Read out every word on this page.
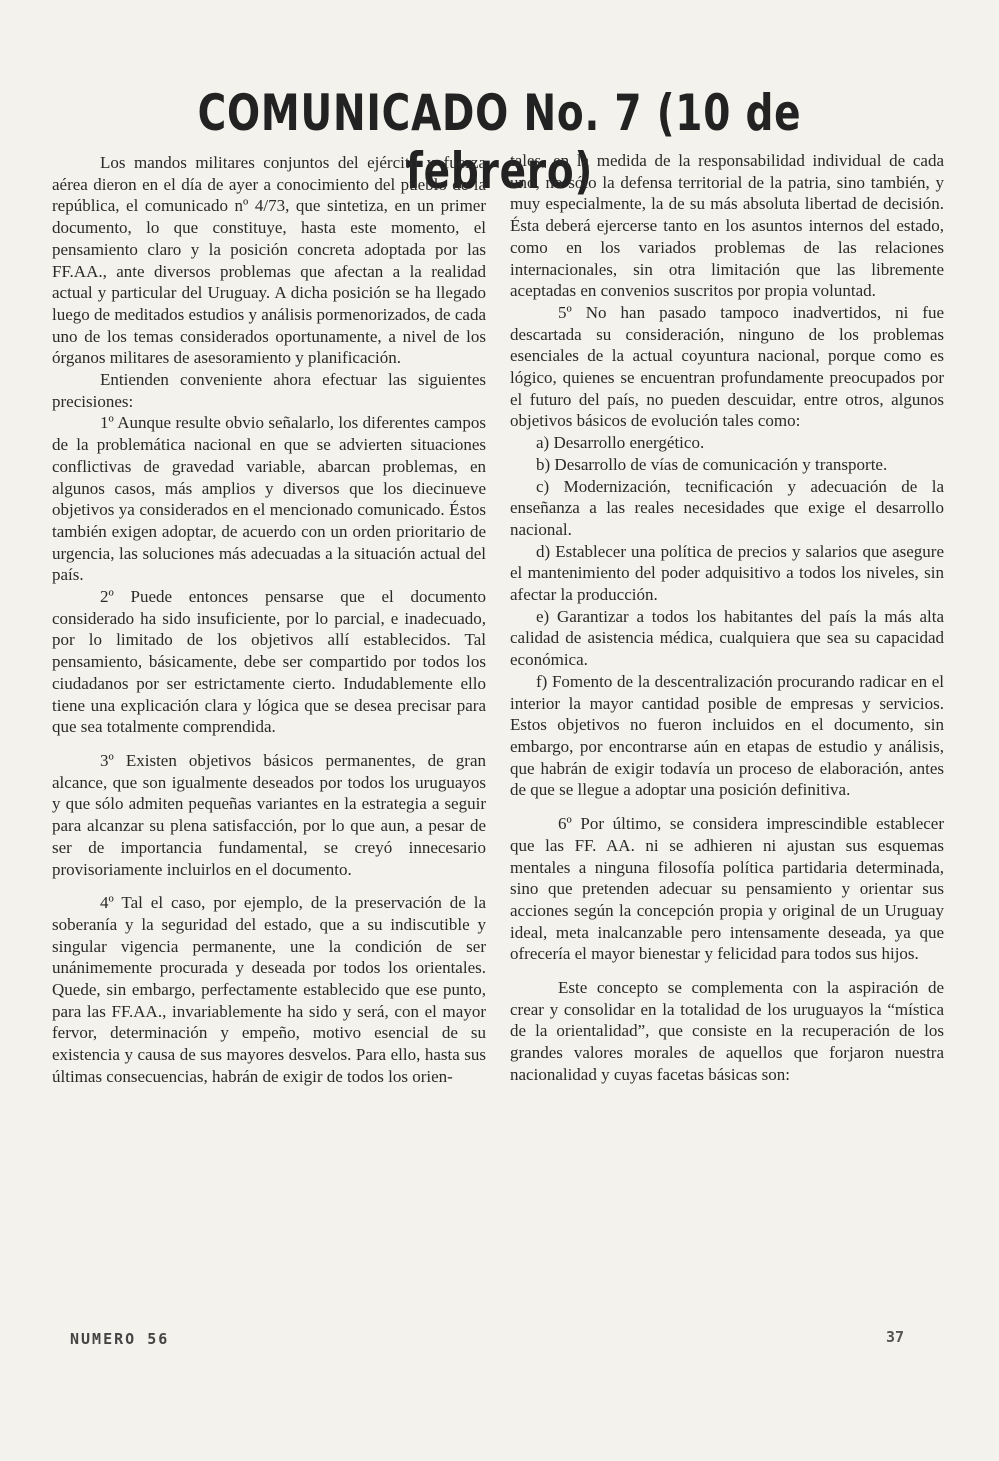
COMUNICADO No. 7 (10 de febrero)

Los mandos militares conjuntos del ejército y fuerza aérea dieron en el día de ayer a conocimiento del pueblo de la república, el comunicado nº 4/73, que sintetiza, en un primer documento, lo que constituye, hasta este momento, el pensamiento claro y la posición concreta adoptada por las FF.AA., ante diversos problemas que afectan a la realidad actual y particular del Uruguay. A dicha posición se ha llegado luego de meditados estudios y análisis pormenorizados, de cada uno de los temas considerados oportunamente, a nivel de los órganos militares de asesoramiento y planificación.

Entienden conveniente ahora efectuar las siguientes precisiones:

1º Aunque resulte obvio señalarlo, los diferentes campos de la problemática nacional en que se advierten situaciones conflictivas de gravedad variable, abarcan problemas, en algunos casos, más amplios y diversos que los diecinueve objetivos ya considerados en el mencionado comunicado. Éstos también exigen adoptar, de acuerdo con un orden prioritario de urgencia, las soluciones más adecuadas a la situación actual del país.

2º Puede entonces pensarse que el documento considerado ha sido insuficiente, por lo parcial, e inadecuado, por lo limitado de los objetivos allí establecidos. Tal pensamiento, básicamente, debe ser compartido por todos los ciudadanos por ser estrictamente cierto. Indudablemente ello tiene una explicación clara y lógica que se desea precisar para que sea totalmente comprendida.

3º Existen objetivos básicos permanentes, de gran alcance, que son igualmente deseados por todos los uruguayos y que sólo admiten pequeñas variantes en la estrategia a seguir para alcanzar su plena satisfacción, por lo que aun, a pesar de ser de importancia fundamental, se creyó innecesario provisoriamente incluirlos en el documento.

4º Tal el caso, por ejemplo, de la preservación de la soberanía y la seguridad del estado, que a su indiscutible y singular vigencia permanente, une la condición de ser unánimemente procurada y deseada por todos los orientales. Quede, sin embargo, perfectamente establecido que ese punto, para las FF.AA., invariablemente ha sido y será, con el mayor fervor, determinación y empeño, motivo esencial de su existencia y causa de sus mayores desvelos. Para ello, hasta sus últimas consecuencias, habrán de exigir de todos los orien-

tales, en la medida de la responsabilidad individual de cada uno, no sólo la defensa territorial de la patria, sino también, y muy especialmente, la de su más absoluta libertad de decisión. Ésta deberá ejercerse tanto en los asuntos internos del estado, como en los variados problemas de las relaciones internacionales, sin otra limitación que las libremente aceptadas en convenios suscritos por propia voluntad.

5º No han pasado tampoco inadvertidos, ni fue descartada su consideración, ninguno de los problemas esenciales de la actual coyuntura nacional, porque como es lógico, quienes se encuentran profundamente preocupados por el futuro del país, no pueden descuidar, entre otros, algunos objetivos básicos de evolución tales como:

a) Desarrollo energético.

b) Desarrollo de vías de comunicación y transporte.

c) Modernización, tecnificación y adecuación de la enseñanza a las reales necesidades que exige el desarrollo nacional.

d) Establecer una política de precios y salarios que asegure el mantenimiento del poder adquisitivo a todos los niveles, sin afectar la producción.

e) Garantizar a todos los habitantes del país la más alta calidad de asistencia médica, cualquiera que sea su capacidad económica.

f) Fomento de la descentralización procurando radicar en el interior la mayor cantidad posible de empresas y servicios. Estos objetivos no fueron incluidos en el documento, sin embargo, por encontrarse aún en etapas de estudio y análisis, que habrán de exigir todavía un proceso de elaboración, antes de que se llegue a adoptar una posición definitiva.

6º Por último, se considera imprescindible establecer que las FF. AA. ni se adhieren ni ajustan sus esquemas mentales a ninguna filosofía política partidaria determinada, sino que pretenden adecuar su pensamiento y orientar sus acciones según la concepción propia y original de un Uruguay ideal, meta inalcanzable pero intensamente deseada, ya que ofrecería el mayor bienestar y felicidad para todos sus hijos.

Este concepto se complementa con la aspiración de crear y consolidar en la totalidad de los uruguayos la “mística de la orientalidad”, que consiste en la recuperación de los grandes valores morales de aquellos que forjaron nuestra nacionalidad y cuyas facetas básicas son:

NUMERO 56	37
